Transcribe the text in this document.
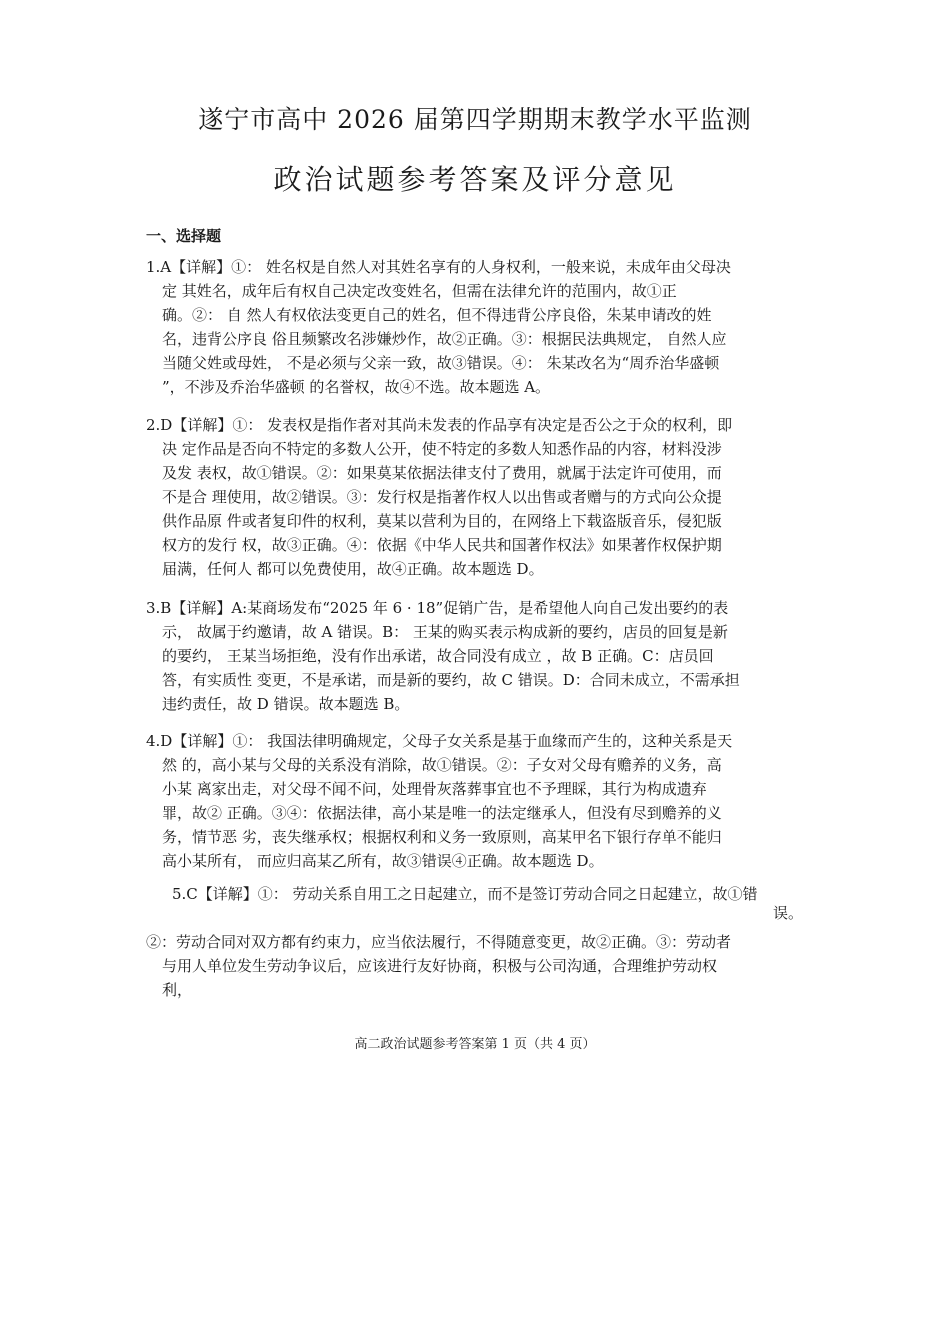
遂宁市高中 2026 届第四学期期末教学水平监测
政治试题参考答案及评分意见
一、选择题
1.A【详解】①： 姓名权是自然人对其姓名享有的人身权利，一般来说，未成年由父母决
定 其姓名，成年后有权自己决定改变姓名，但需在法律允许的范围内，故①正
确。②： 自 然人有权依法变更自己的姓名，但不得违背公序良俗，朱某申请改的姓
名，违背公序良 俗且频繁改名涉嫌炒作，故②正确。③：根据民法典规定， 自然人应
当随父姓或母姓， 不是必须与父亲一致，故③错误。④： 朱某改名为“周乔治华盛顿
”，不涉及乔治华盛顿 的名誉权，故④不选。故本题选 A。
2.D【详解】①： 发表权是指作者对其尚未发表的作品享有决定是否公之于众的权利，即
决 定作品是否向不特定的多数人公开，使不特定的多数人知悉作品的内容，材料没涉
及发 表权，故①错误。②：如果莫某依据法律支付了费用，就属于法定许可使用，而
不是合 理使用，故②错误。③：发行权是指著作权人以出售或者赠与的方式向公众提
供作品原 件或者复印件的权利，莫某以营利为目的，在网络上下载盗版音乐，侵犯版
权方的发行 权，故③正确。④：依据《中华人民共和国著作权法》如果著作权保护期
届满，任何人 都可以免费使用，故④正确。故本题选 D。
3.B【详解】A:某商场发布“2025 年 6 · 18”促销广告，是希望他人向自己发出要约的表
示， 故属于约邀请，故 A 错误。B： 王某的购买表示构成新的要约，店员的回复是新
的要约， 王某当场拒绝，没有作出承诺，故合同没有成立 ，故 B 正确。C：店员回
答，有实质性 变更，不是承诺，而是新的要约，故 C 错误。D：合同未成立，不需承担
违约责任，故 D 错误。故本题选 B。
4.D【详解】①： 我国法律明确规定，父母子女关系是基于血缘而产生的，这种关系是天
然 的，高小某与父母的关系没有消除，故①错误。②：子女对父母有赡养的义务，高
小某 离家出走，对父母不闻不问，处理骨灰落葬事宜也不予理睬，其行为构成遗弃
罪，故② 正确。③④：依据法律，高小某是唯一的法定继承人，但没有尽到赡养的义
务，情节恶 劣，丧失继承权；根据权利和义务一致原则，高某甲名下银行存单不能归
高小某所有， 而应归高某乙所有，故③错误④正确。故本题选 D。
5.C【详解】①： 劳动关系自用工之日起建立，而不是签订劳动合同之日起建立，故①错
误。
②：劳动合同对双方都有约束力，应当依法履行，不得随意变更，故②正确。③：劳动者
与用人单位发生劳动争议后，应该进行友好协商，积极与公司沟通，合理维护劳动权
利，
高二政治试题参考答案第 1 页（共 4 页）
